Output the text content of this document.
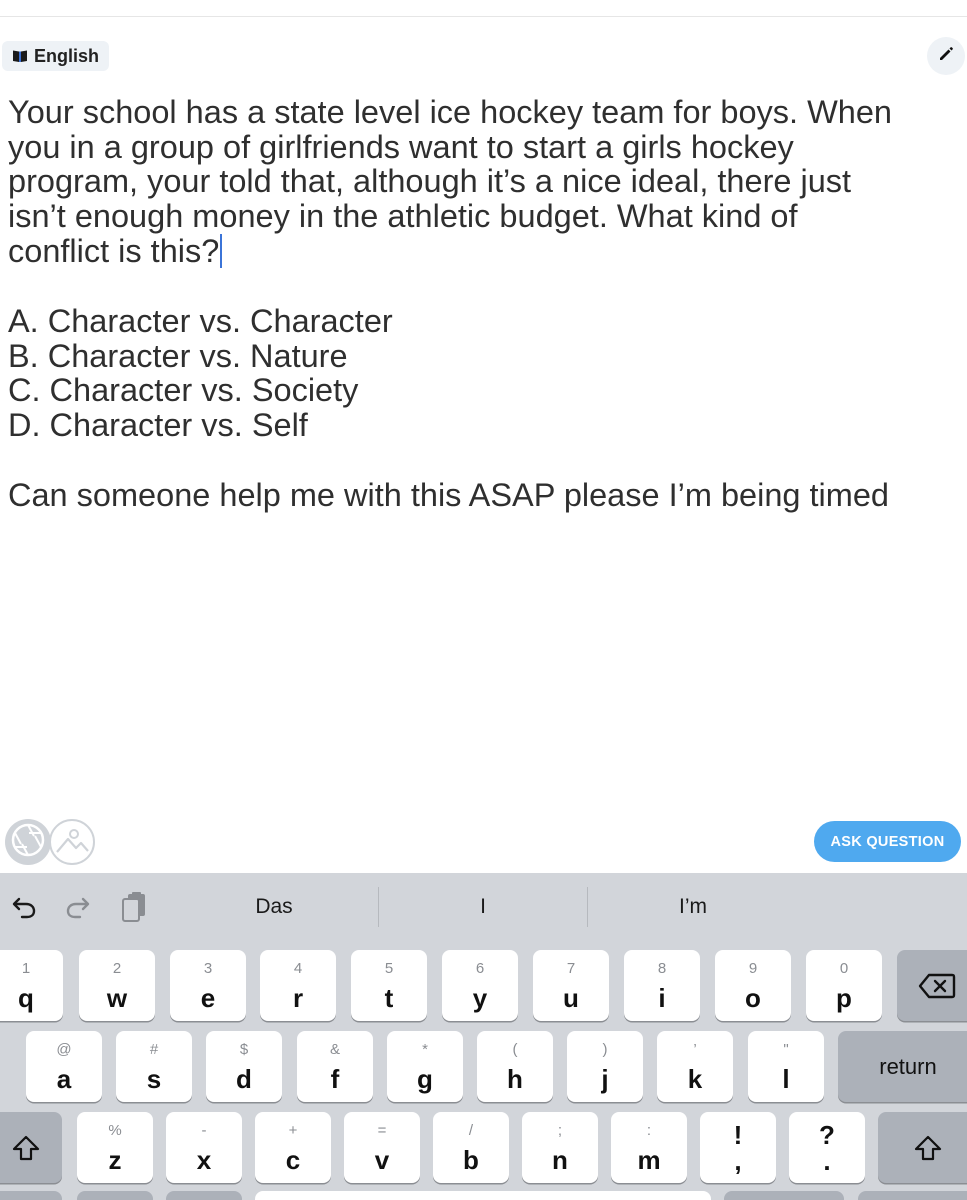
English
Your school has a state level ice hockey team for boys. When
you in a group of girlfriends want to start a girls hockey
program, your told that, although it’s a nice ideal, there just
isn’t enough money in the athletic budget. What kind of
conflict is this?
A. Character vs. Character
B. Character vs. Nature
C. Character vs. Society
D. Character vs. Self
Can someone help me with this ASAP please I’m being timed
ASK QUESTION
Das	I	I’m
1
q
2
w
3
e
4
r
5
t
6
y
7
u
8
i
9
o
0
p
@
a
#
s
$
d
&
f
*
g
(
h
)
j
’
k
"
l	return
%
z
-
x
+
c
=
v
/
b
;
n
:
m
!
,
?
.
